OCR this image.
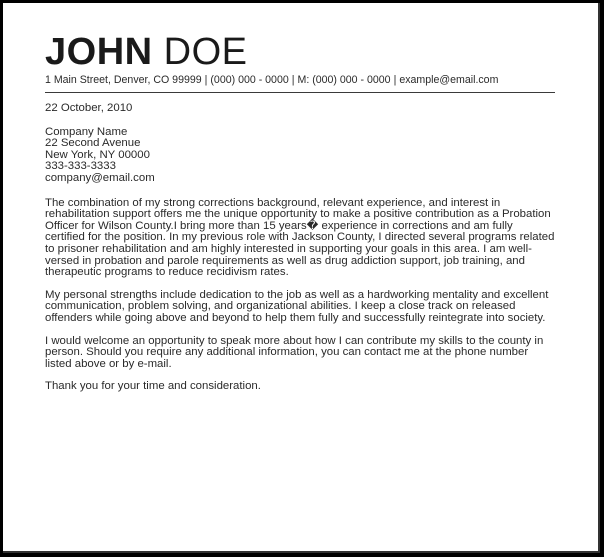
JOHN DOE
1 Main Street, Denver, CO 99999 | (000) 000 - 0000 | M: (000) 000 - 0000 | example@email.com
22 October, 2010
Company Name
22 Second Avenue
New York, NY 00000
333-333-3333
company@email.com

The combination of my strong corrections background, relevant experience, and interest in rehabilitation support offers me the unique opportunity to make a positive contribution as a Probation Officer for Wilson County.I bring more than 15 years� experience in corrections and am fully certified for the position. In my previous role with Jackson County, I directed several programs related to prisoner rehabilitation and am highly interested in supporting your goals in this area. I am well-versed in probation and parole requirements as well as drug addiction support, job training, and therapeutic programs to reduce recidivism rates.

My personal strengths include dedication to the job as well as a hardworking mentality and excellent communication, problem solving, and organizational abilities. I keep a close track on released offenders while going above and beyond to help them fully and successfully reintegrate into society.

I would welcome an opportunity to speak more about how I can contribute my skills to the county in person. Should you require any additional information, you can contact me at the phone number listed above or by e-mail.

Thank you for your time and consideration.
